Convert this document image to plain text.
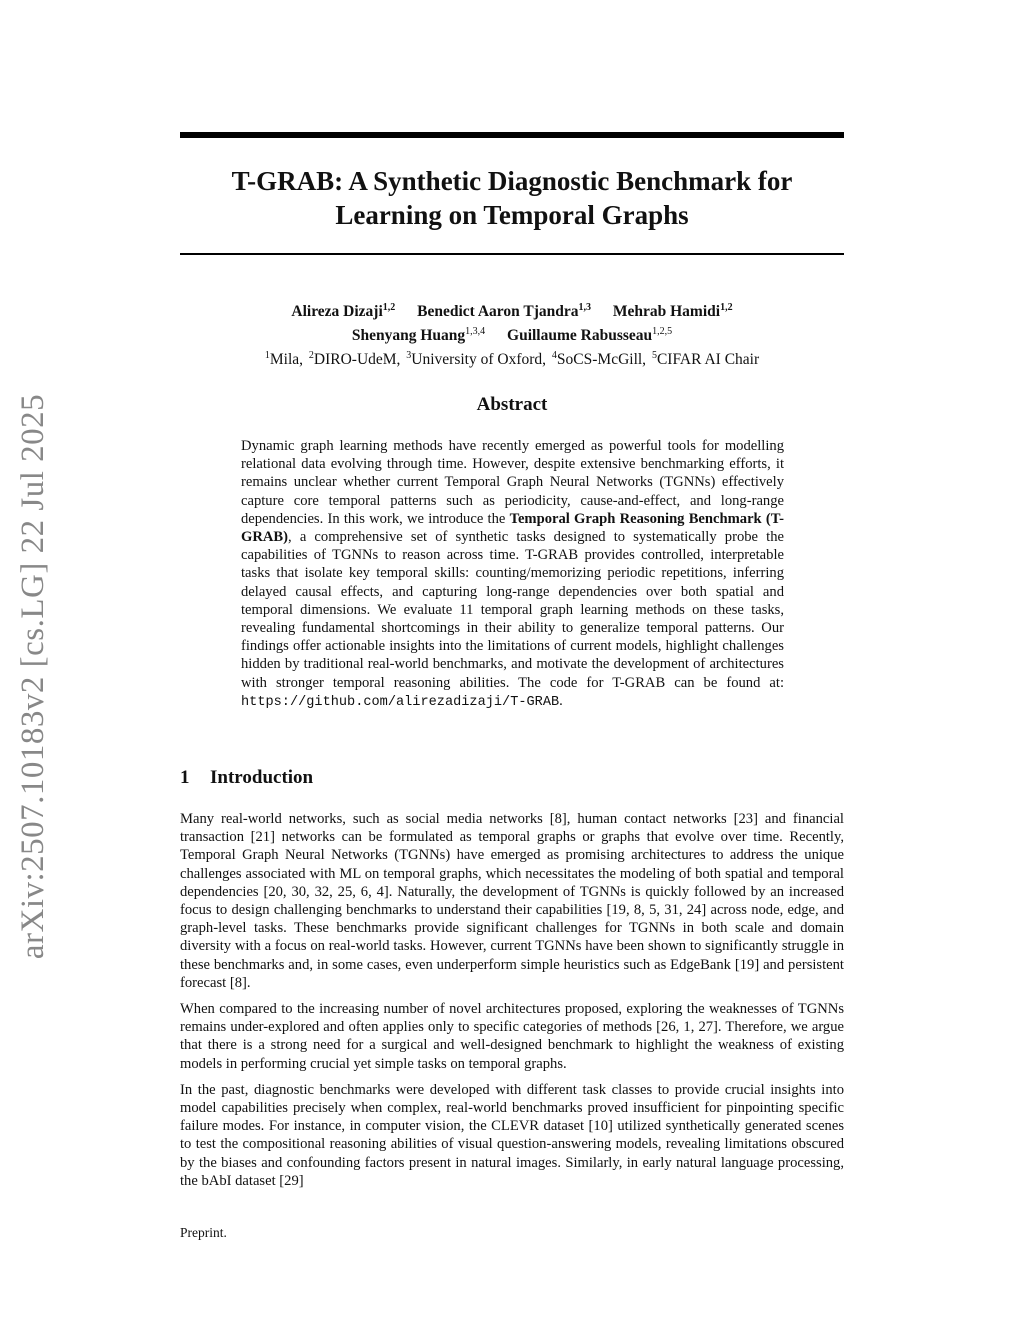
arXiv:2507.10183v2 [cs.LG] 22 Jul 2025
T-GRAB: A Synthetic Diagnostic Benchmark for
Learning on Temporal Graphs
Alireza Dizaji$^{1,2}$ Benedict Aaron Tjandra$^{1,3}$ Mehrab Hamidi$^{1,2}$
Shenyang Huang$^{1,3,4}$ Guillaume Rabusseau$^{1,2,5}$
$^1$Mila, $^2$DIRO-UdeM, $^3$University of Oxford, $^4$SoCS-McGill, $^5$CIFAR AI Chair
Abstract

Dynamic graph learning methods have recently emerged as powerful tools for modelling relational data evolving through time. However, despite extensive benchmarking efforts, it remains unclear whether current Temporal Graph Neural Networks (TGNNs) effectively capture core temporal patterns such as periodicity, cause-and-effect, and long-range dependencies. In this work, we introduce the Temporal Graph Reasoning Benchmark (T-GRAB), a comprehensive set of synthetic tasks designed to systematically probe the capabilities of TGNNs to reason across time. T-GRAB provides controlled, interpretable tasks that isolate key temporal skills: counting/memorizing periodic repetitions, inferring delayed causal effects, and capturing long-range dependencies over both spatial and temporal dimensions. We evaluate 11 temporal graph learning methods on these tasks, revealing fundamental shortcomings in their ability to generalize temporal patterns. Our findings offer actionable insights into the limitations of current models, highlight challenges hidden by traditional real-world benchmarks, and motivate the development of architectures with stronger temporal reasoning abilities. The code for T-GRAB can be found at: https://github.com/alirezadizaji/T-GRAB.

1 Introduction

Many real-world networks, such as social media networks [8], human contact networks [23] and financial transaction [21] networks can be formulated as temporal graphs or graphs that evolve over time. Recently, Temporal Graph Neural Networks (TGNNs) have emerged as promising architectures to address the unique challenges associated with ML on temporal graphs, which necessitates the modeling of both spatial and temporal dependencies [20, 30, 32, 25, 6, 4]. Naturally, the development of TGNNs is quickly followed by an increased focus to design challenging benchmarks to understand their capabilities [19, 8, 5, 31, 24] across node, edge, and graph-level tasks. These benchmarks provide significant challenges for TGNNs in both scale and domain diversity with a focus on real-world tasks. However, current TGNNs have been shown to significantly struggle in these benchmarks and, in some cases, even underperform simple heuristics such as EdgeBank [19] and persistent forecast [8].

When compared to the increasing number of novel architectures proposed, exploring the weaknesses of TGNNs remains under-explored and often applies only to specific categories of methods [26, 1, 27]. Therefore, we argue that there is a strong need for a surgical and well-designed benchmark to highlight the weakness of existing models in performing crucial yet simple tasks on temporal graphs.

In the past, diagnostic benchmarks were developed with different task classes to provide crucial insights into model capabilities precisely when complex, real-world benchmarks proved insufficient for pinpointing specific failure modes. For instance, in computer vision, the CLEVR dataset [10] utilized synthetically generated scenes to test the compositional reasoning abilities of visual question-answering models, revealing limitations obscured by the biases and confounding factors present in natural images. Similarly, in early natural language processing, the bAbI dataset [29]

Preprint.
